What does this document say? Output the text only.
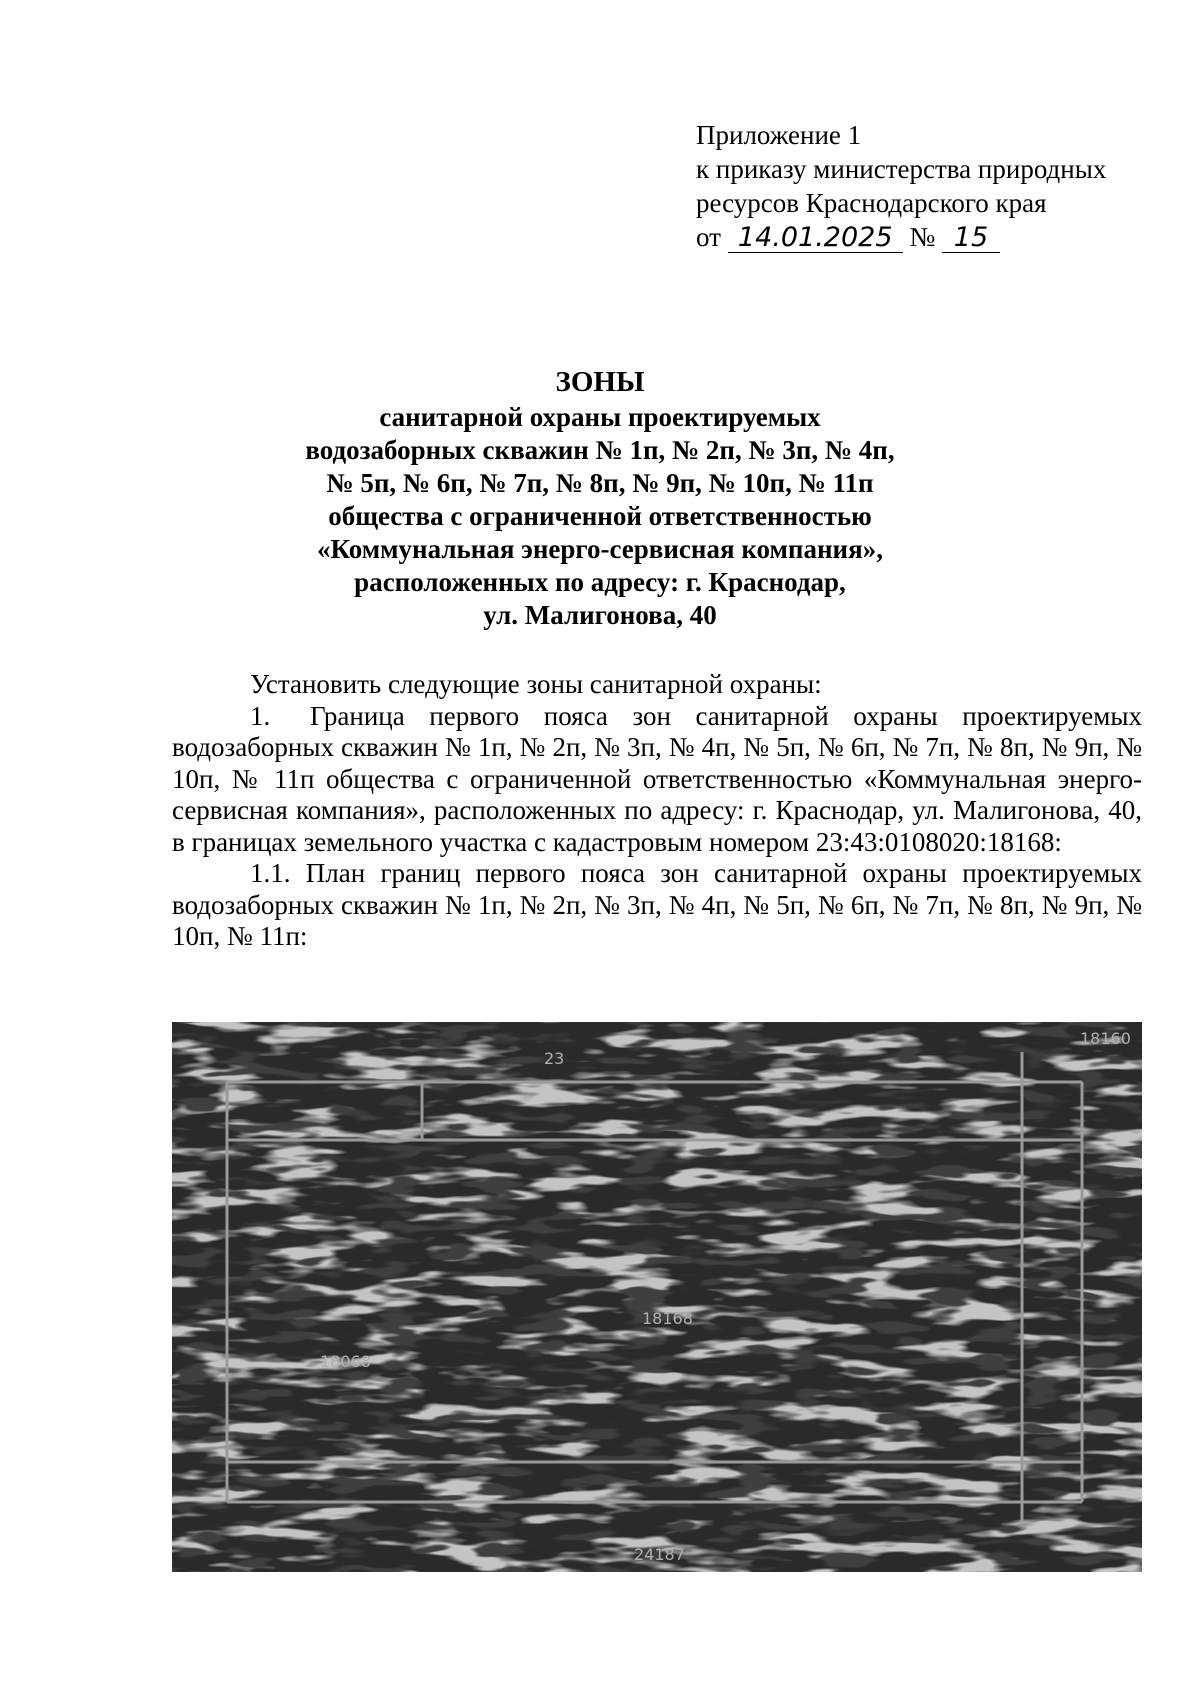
Приложение 1
к приказу министерства природных
ресурсов Краснодарского края
от 14.01.2025 № 15
ЗОНЫ
санитарной охраны проектируемых
водозаборных скважин № 1п, № 2п, № 3п, № 4п,
№ 5п, № 6п, № 7п, № 8п, № 9п, № 10п, № 11п
общества с ограниченной ответственностью
«Коммунальная энерго-сервисная компания»,
расположенных по адресу: г. Краснодар,
ул. Малигонова, 40

Установить следующие зоны санитарной охраны:

1. Граница первого пояса зон санитарной охраны проектируемых водозаборных скважин № 1п, № 2п, № 3п, № 4п, № 5п, № 6п, № 7п, № 8п, № 9п, № 10п, № 11п общества с ограниченной ответственностью «Коммунальная энерго-сервисная компания», расположенных по адресу: г. Краснодар, ул. Малигонова, 40, в границах земельного участка с кадастровым номером 23:43:0108020:18168:

1.1. План границ первого пояса зон санитарной охраны проектируемых водозаборных скважин № 1п, № 2п, № 3п, № 4п, № 5п, № 6п, № 7п, № 8п, № 9п, № 10п, № 11п:

23
18168
18068
24187
18160
